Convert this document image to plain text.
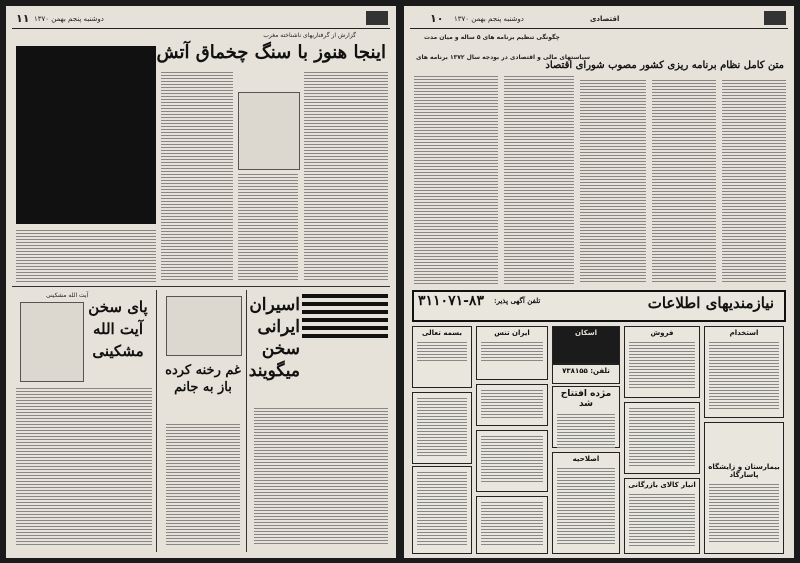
١١ دوشنبه پنجم بهمن ۱۳۷۰
گزارش از گرفتاریهای ناشناخته مغرب
اینجا هنوز با سنگ چخماق آتش
اسیران ایرانی سخن میگویند
غم رخنه کرده باز به جانم
آیت الله مشکینی
پای سخن آیت الله مشکینی
١٠ دوشنبه پنجم بهمن ۱۳۷۰	اقتصادی
متن کامل نظام برنامه ریزی کشور مصوب شورای اقتصاد
چگونگی تنظیم برنامه های ۵ ساله و میان مدت
سیاستهای مالی و اقتصادی در بودجه سال ۱۳۷۲ برنامه های
نیازمندیهای اطلاعات
تلفن آگهی پذیر:
۳۱۱۰۷۱-۸۳
بسمه تعالی	ایران تنس	اسکان
تلفن: ۷۳۸۱۵۵
فروش	استخدام
مژده افتتاح شد
اصلاحیه
انبار کالای بازرگانی
بیمارستان و زایشگاه پاسارگاد
